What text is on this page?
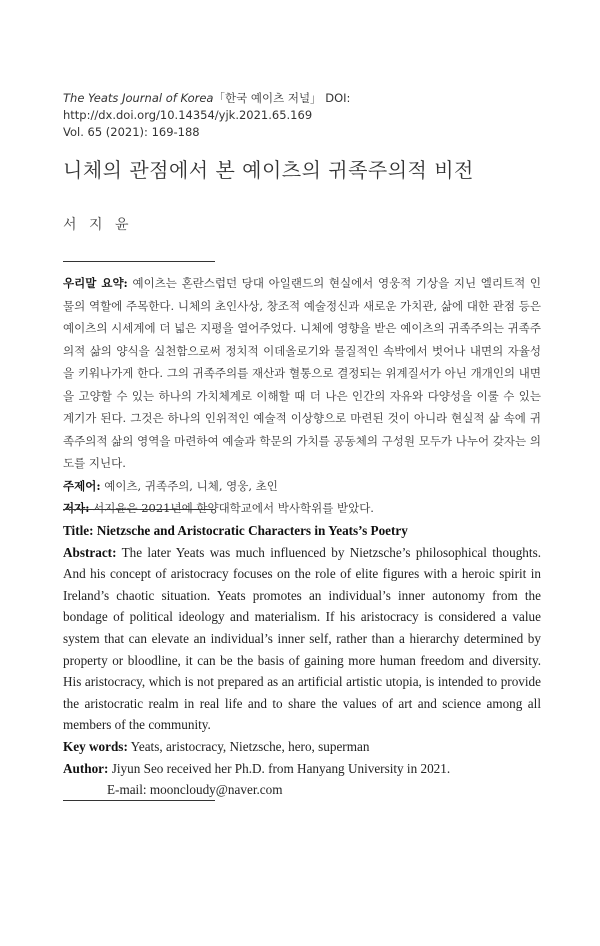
The Yeats Journal of Korea「한국 예이츠 저널」 DOI: http://dx.doi.org/10.14354/yjk.2021.65.169
Vol. 65 (2021): 169-188
니체의 관점에서 본 예이츠의 귀족주의적 비전
서 지 윤

우리말 요약: 예이츠는 혼란스럽던 당대 아일랜드의 현실에서 영웅적 기상을 지닌 엘리트적 인물의 역할에 주목한다. 니체의 초인사상, 창조적 예술정신과 새로운 가치관, 삶에 대한 관점 등은 예이츠의 시세계에 더 넓은 지평을 열어주었다. 니체에 영향을 받은 예이츠의 귀족주의는 귀족주의적 삶의 양식을 실천함으로써 정치적 이데올로기와 물질적인 속박에서 벗어나 내면의 자율성을 키워나가게 한다. 그의 귀족주의를 재산과 혈통으로 결정되는 위계질서가 아닌 개개인의 내면을 고양할 수 있는 하나의 가치체계로 이해할 때 더 나은 인간의 자유와 다양성을 이룰 수 있는 계기가 된다. 그것은 하나의 인위적인 예술적 이상향으로 마련된 것이 아니라 현실적 삶 속에 귀족주의적 삶의 영역을 마련하여 예술과 학문의 가치를 공동체의 구성원 모두가 나누어 갖자는 의도를 지닌다.

주제어: 예이츠, 귀족주의, 니체, 영웅, 초인

저자: 서지윤은 2021년에 한양대학교에서 박사학위를 받았다.

Title: Nietzsche and Aristocratic Characters in Yeats’s Poetry

Abstract: The later Yeats was much influenced by Nietzsche’s philosophical thoughts. And his concept of aristocracy focuses on the role of elite figures with a heroic spirit in Ireland’s chaotic situation. Yeats promotes an individual’s inner autonomy from the bondage of political ideology and materialism. If his aristocracy is considered a value system that can elevate an individual’s inner self, rather than a hierarchy determined by property or bloodline, it can be the basis of gaining more human freedom and diversity. His aristocracy, which is not prepared as an artificial artistic utopia, is intended to provide the aristocratic realm in real life and to share the values of art and science among all members of the community.

Key words: Yeats, aristocracy, Nietzsche, hero, superman

Author: Jiyun Seo received her Ph.D. from Hanyang University in 2021.

E-mail: mooncloudy@naver.com
